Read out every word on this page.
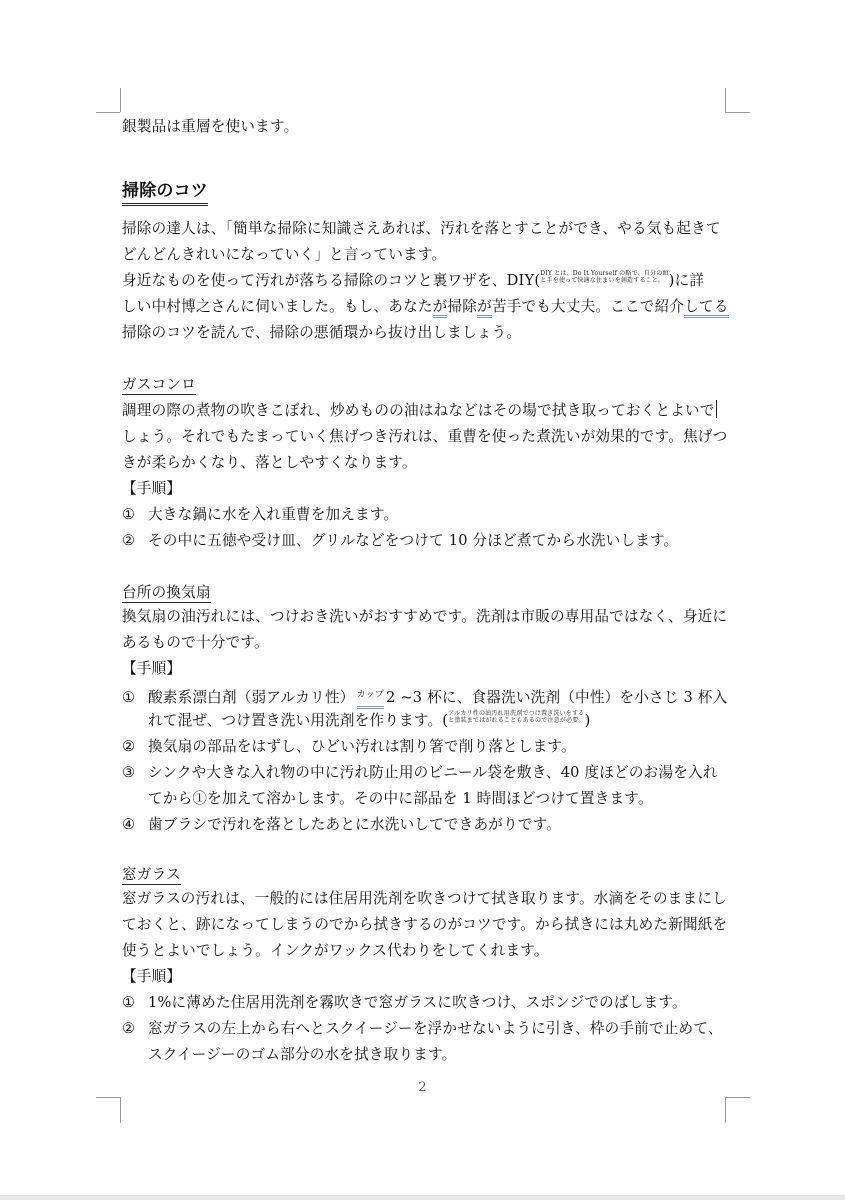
銀製品は重層を使います。
掃除のコツ
掃除の達人は、「簡単な掃除に知識さえあれば、汚れを落とすことができ、やる気も起きて
どんどんきれいになっていく」と言っています。
身近なものを使って汚れが落ちる掃除のコツと裏ワザを、DIY( DIY とは、Do It Yourself の略で、自分の頭
と手を使って快適な住まいを創造すること。 )に詳
しい中村博之さんに伺いました。もし、あなたが掃除が苦手でも大丈夫。ここで紹介してる
掃除のコツを読んで、掃除の悪循環から抜け出しましょう。
ガスコンロ
調理の際の煮物の吹きこぼれ、炒めものの油はねなどはその場で拭き取っておくとよいで
しょう。それでもたまっていく焦げつき汚れは、重曹を使った煮洗いが効果的です。焦げつ
きが柔らかくなり、落としやすくなります。
【手順】
① 大きな鍋に水を入れ重曹を加えます。
② その中に五徳や受け皿、グリルなどをつけて 10 分ほど煮てから水洗いします。
台所の換気扇
換気扇の油汚れには、つけおき洗いがおすすめです。洗剤は市販の専用品ではなく、身近に
あるもので十分です。
【手順】
① 酸素系漂白剤（弱アルカリ性） カップ 2 ~3 杯に、食器洗い洗剤（中性）を小さじ 3 杯入
れて混ぜ、つけ置き洗い用洗剤を作ります。( アルカリ性の油汚れ用洗剤でつけ置き洗いをする
と塗装まではがれることもあるので注意が必要。 )
② 換気扇の部品をはずし、ひどい汚れは割り箸で削り落とします。
③ シンクや大きな入れ物の中に汚れ防止用のビニール袋を敷き、40 度ほどのお湯を入れ
てから①を加えて溶かします。その中に部品を 1 時間ほどつけて置きます。
④ 歯ブラシで汚れを落としたあとに水洗いしてできあがりです。
窓ガラス
窓ガラスの汚れは、一般的には住居用洗剤を吹きつけて拭き取ります。水滴をそのままにし
ておくと、跡になってしまうのでから拭きするのがコツです。から拭きには丸めた新聞紙を
使うとよいでしょう。インクがワックス代わりをしてくれます。
【手順】
① 1%に薄めた住居用洗剤を霧吹きで窓ガラスに吹きつけ、スポンジでのばします。
② 窓ガラスの左上から右へとスクイージーを浮かせないように引き、枠の手前で止めて、
スクイージーのゴム部分の水を拭き取ります。
2
